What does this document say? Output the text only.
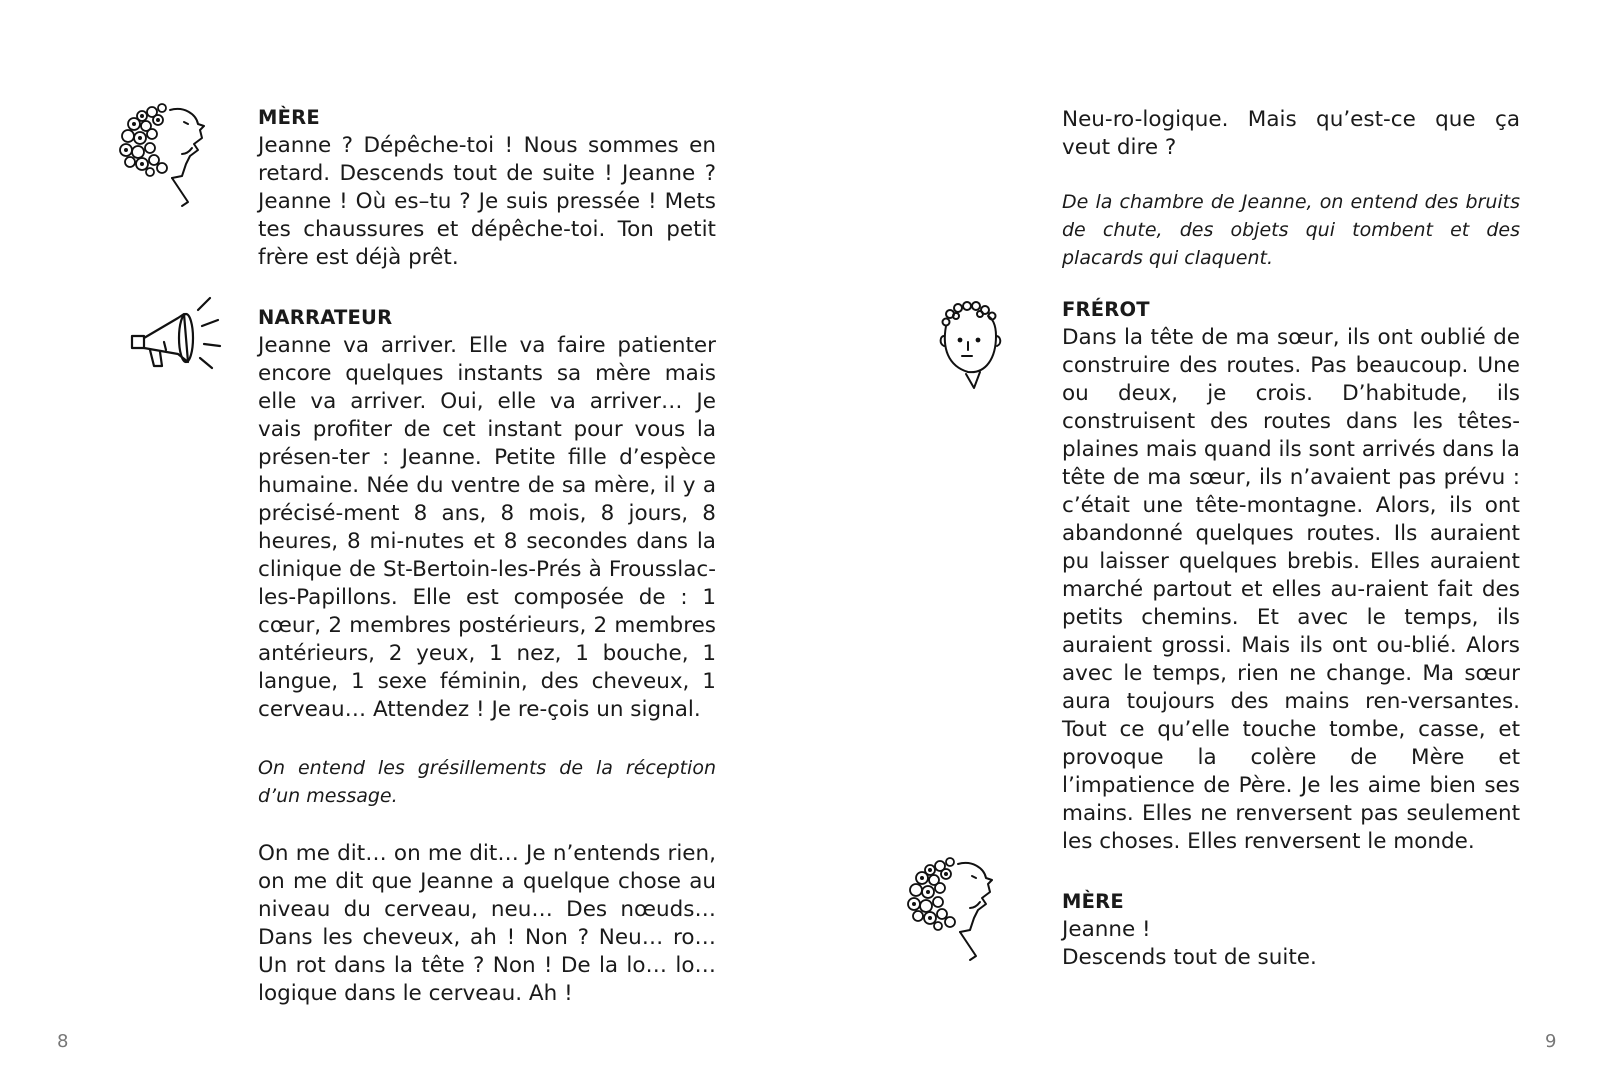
MÈRE
Jeanne ? Dépêche-toi ! Nous sommes en retard. Descends tout de suite ! Jeanne ? Jeanne ! Où es–tu ? Je suis pressée ! Mets tes chaussures et dépêche-toi. Ton petit frère est déjà prêt.
NARRATEUR
Jeanne va arriver. Elle va faire patienter encore quelques instants sa mère mais elle va arriver. Oui, elle va arriver… Je vais profiter de cet instant pour vous la présen-ter : Jeanne. Petite fille d’espèce humaine. Née du ventre de sa mère, il y a précisé-ment 8 ans, 8 mois, 8 jours, 8 heures, 8 mi-nutes et 8 secondes dans la clinique de St-Bertoin-les-Prés à Frousslac-les-Papillons. Elle est composée de : 1 cœur, 2 membres postérieurs, 2 membres antérieurs, 2 yeux, 1 nez, 1 bouche, 1 langue, 1 sexe féminin, des cheveux, 1 cerveau… Attendez ! Je re-çois un signal.
On entend les grésillements de la réception d’un message.
On me dit… on me dit… Je n’entends rien, on me dit que Jeanne a quelque chose au niveau du cerveau, neu… Des nœuds… Dans les cheveux, ah ! Non ? Neu… ro… Un rot dans la tête ? Non ! De la lo… lo… logique dans le cerveau. Ah !
8
Neu-ro-logique. Mais qu’est-ce que ça veut dire ?
De la chambre de Jeanne, on entend des bruits de chute, des objets qui tombent et des placards qui claquent.
FRÉROT
Dans la tête de ma sœur, ils ont oublié de construire des routes. Pas beaucoup. Une ou deux, je crois. D’habitude, ils construisent des routes dans les têtes-plaines mais quand ils sont arrivés dans la tête de ma sœur, ils n’avaient pas prévu : c’était une tête-montagne. Alors, ils ont abandonné quelques routes. Ils auraient pu laisser quelques brebis. Elles auraient marché partout et elles au-raient fait des petits chemins. Et avec le temps, ils auraient grossi. Mais ils ont ou-blié. Alors avec le temps, rien ne change. Ma sœur aura toujours des mains ren-versantes. Tout ce qu’elle touche tombe, casse, et provoque la colère de Mère et l’impatience de Père. Je les aime bien ses mains. Elles ne renversent pas seulement les choses. Elles renversent le monde.
MÈRE
Jeanne !
Descends tout de suite.
9
